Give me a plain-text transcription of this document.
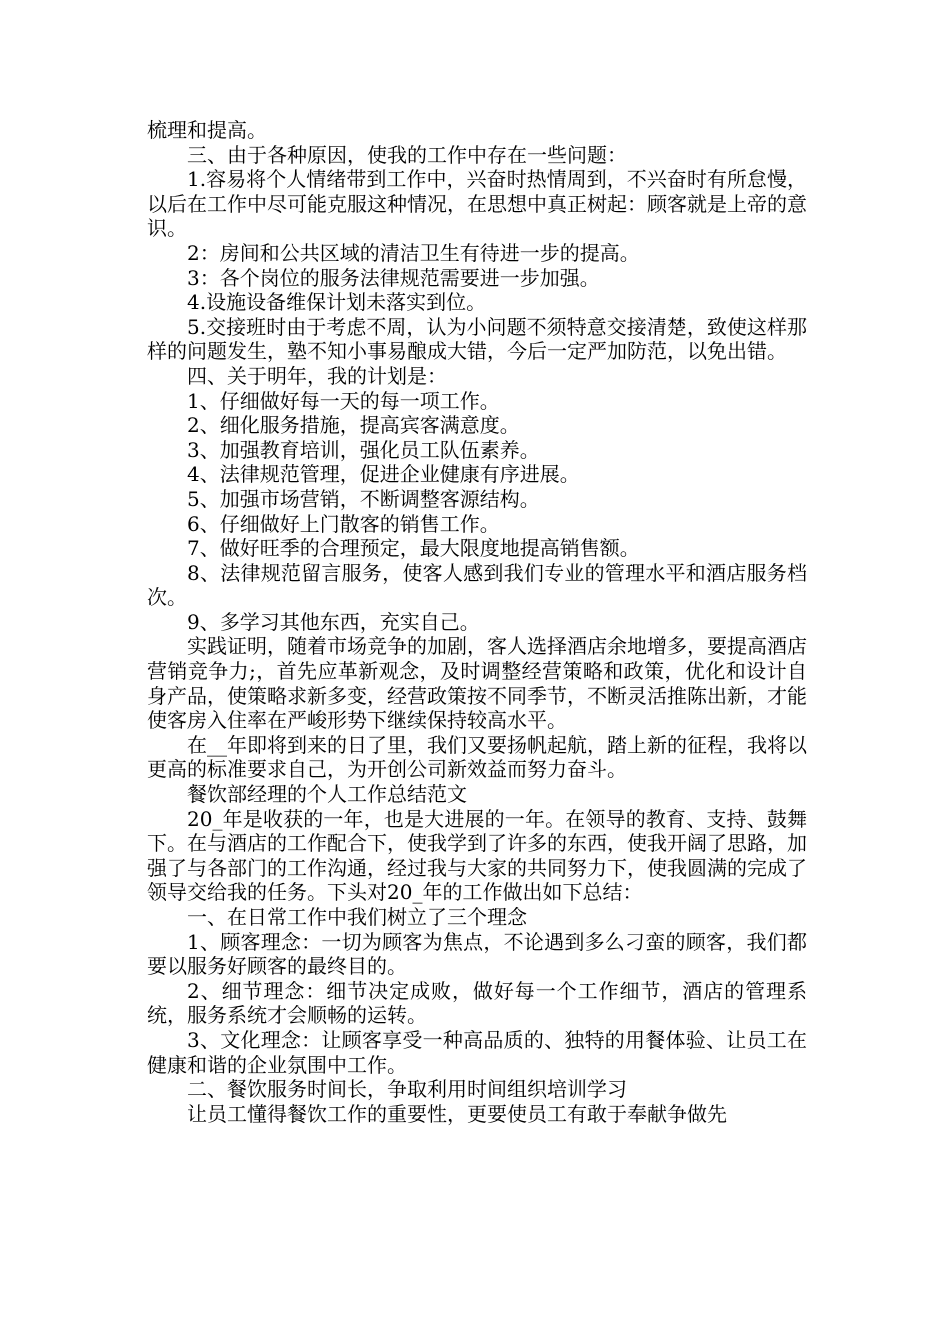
梳理和提高。

三、由于各种原因，使我的工作中存在一些问题：

1.容易将个人情绪带到工作中，兴奋时热情周到，不兴奋时有所怠慢，以后在工作中尽可能克服这种情况，在思想中真正树起：顾客就是上帝的意识。

2：房间和公共区域的清洁卫生有待进一步的提高。

3：各个岗位的服务法律规范需要进一步加强。

4.设施设备维保计划未落实到位。

5.交接班时由于考虑不周，认为小问题不须特意交接清楚，致使这样那样的问题发生，塾不知小事易酿成大错，今后一定严加防范，以免出错。

四、关于明年，我的计划是：

1、仔细做好每一天的每一项工作。

2、细化服务措施，提高宾客满意度。

3、加强教育培训，强化员工队伍素养。

4、法律规范管理，促进企业健康有序进展。

5、加强市场营销，不断调整客源结构。

6、仔细做好上门散客的销售工作。

7、做好旺季的合理预定，最大限度地提高销售额。

8、法律规范留言服务，使客人感到我们专业的管理水平和酒店服务档次。

9、多学习其他东西，充实自己。

实践证明，随着市场竞争的加剧，客人选择酒店余地增多，要提高酒店营销竞争力;，首先应革新观念，及时调整经营策略和政策，优化和设计自身产品，使策略求新多变，经营政策按不同季节，不断灵活推陈出新，才能使客房入住率在严峻形势下继续保持较高水平。

在__年即将到来的日了里，我们又要扬帆起航，踏上新的征程，我将以更高的标准要求自己，为开创公司新效益而努力奋斗。

餐饮部经理的个人工作总结范文

20_年是收获的一年，也是大进展的一年。在领导的教育、支持、鼓舞下。在与酒店的工作配合下，使我学到了许多的东西，使我开阔了思路，加强了与各部门的工作沟通，经过我与大家的共同努力下，使我圆满的完成了领导交给我的任务。下头对20_年的工作做出如下总结：

一、在日常工作中我们树立了三个理念

1、顾客理念：一切为顾客为焦点，不论遇到多么刁蛮的顾客，我们都要以服务好顾客的最终目的。

2、细节理念：细节决定成败，做好每一个工作细节，酒店的管理系统，服务系统才会顺畅的运转。

3、文化理念：让顾客享受一种高品质的、独特的用餐体验、让员工在健康和谐的企业氛围中工作。

二、餐饮服务时间长，争取利用时间组织培训学习

让员工懂得餐饮工作的重要性，更要使员工有敢于奉献争做先
